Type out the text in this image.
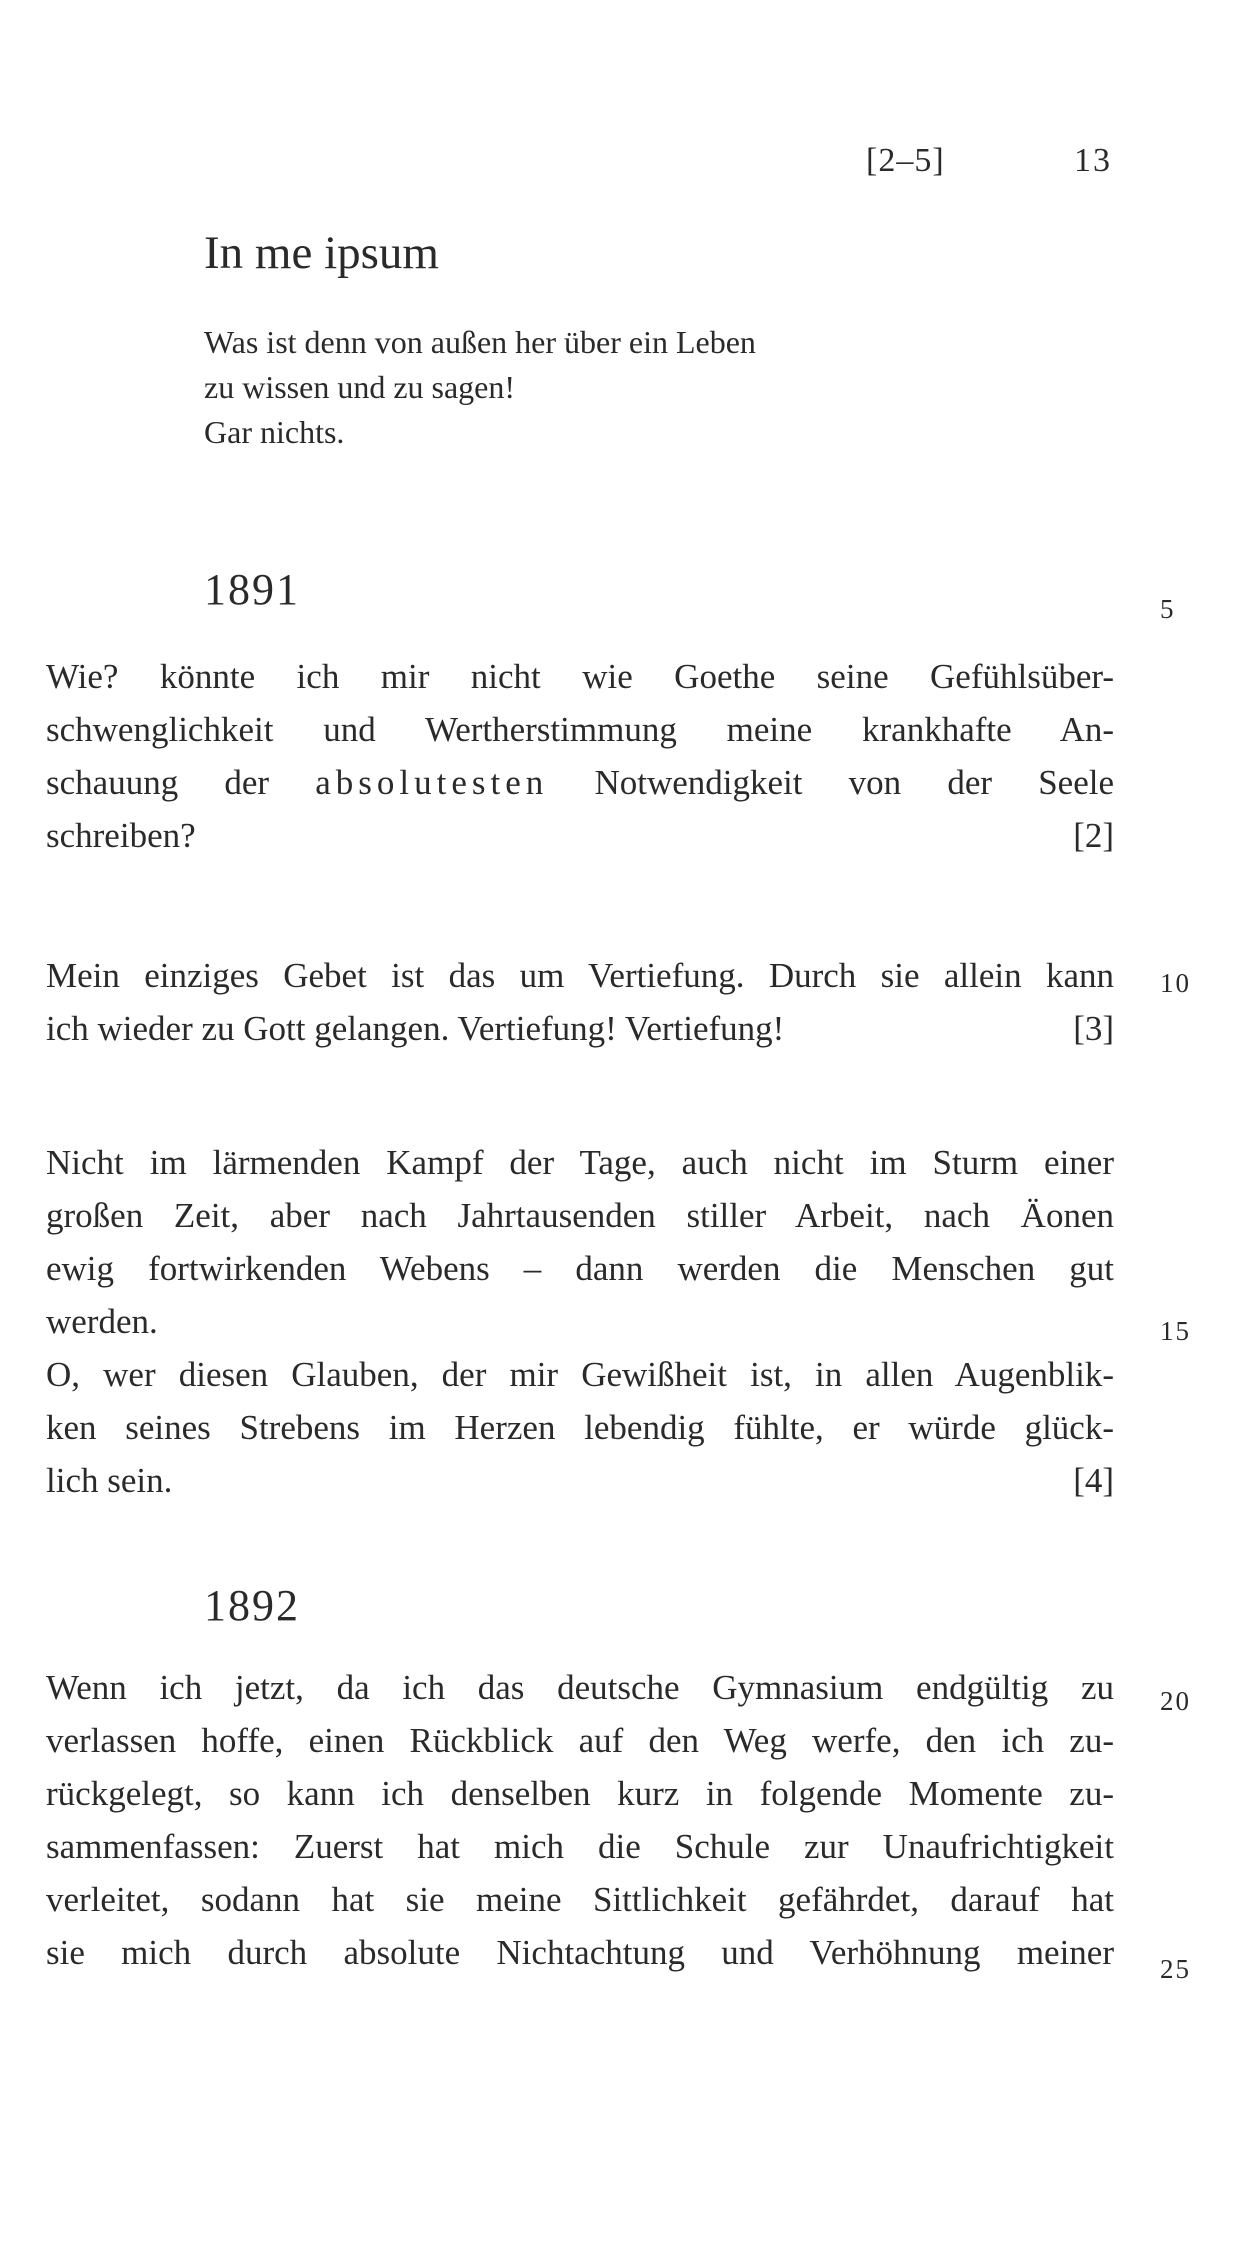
[2–5]	13
In me ipsum
Was ist denn von außen her über ein Leben
zu wissen und zu sagen!
Gar nichts.
1891
Wie? könnte ich mir nicht wie Goethe seine Gefühlsüber-
schwenglichkeit und Wertherstimmung meine krankhafte An-
schauung der absolutesten Notwendigkeit von der Seele
schreiben?	[2]
Mein einziges Gebet ist das um Vertiefung. Durch sie allein kann
ich wieder zu Gott gelangen. Vertiefung! Vertiefung!	[3]
Nicht im lärmenden Kampf der Tage, auch nicht im Sturm einer
großen Zeit, aber nach Jahrtausenden stiller Arbeit, nach Äonen
ewig fortwirkenden Webens – dann werden die Menschen gut
werden.
O, wer diesen Glauben, der mir Gewißheit ist, in allen Augenblik-
ken seines Strebens im Herzen lebendig fühlte, er würde glück-
lich sein.	[4]
1892
Wenn ich jetzt, da ich das deutsche Gymnasium endgültig zu
verlassen hoffe, einen Rückblick auf den Weg werfe, den ich zu-
rückgelegt, so kann ich denselben kurz in folgende Momente zu-
sammenfassen: Zuerst hat mich die Schule zur Unaufrichtigkeit
verleitet, sodann hat sie meine Sittlichkeit gefährdet, darauf hat
sie mich durch absolute Nichtachtung und Verhöhnung meiner
5
10
15
20
25
